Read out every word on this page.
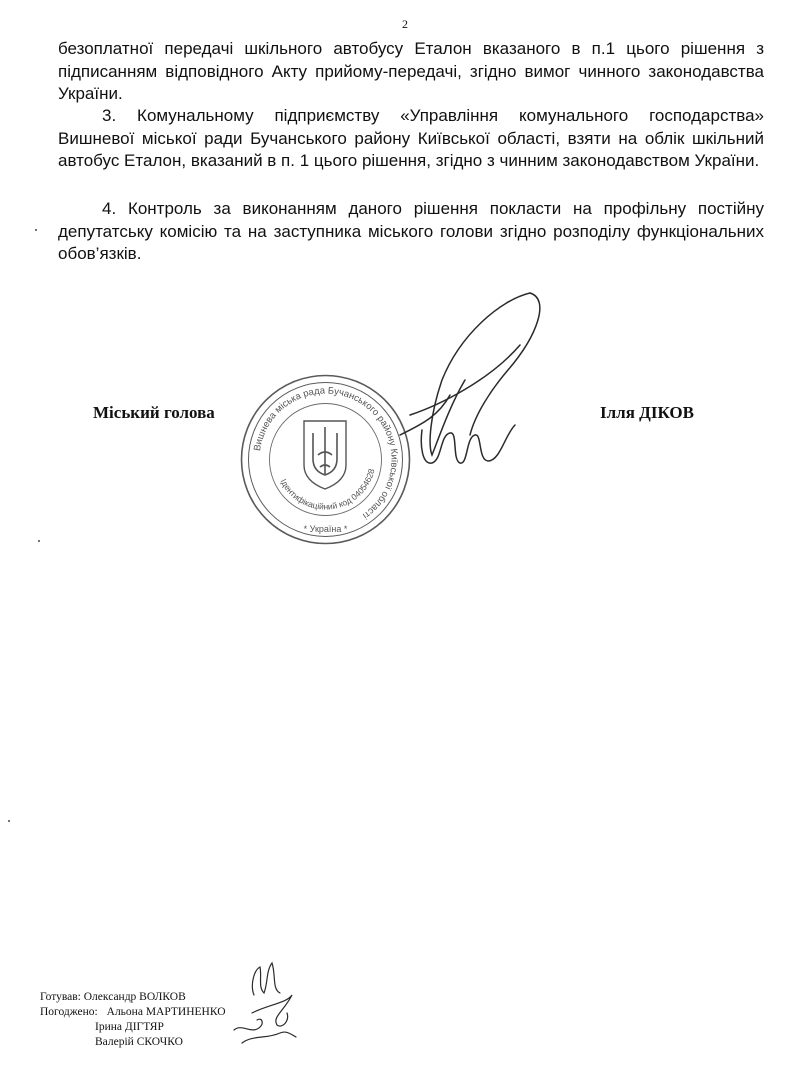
2

безоплатної передачі шкільного автобусу Еталон вказаного в п.1 цього рішення з підписанням відповідного Акту прийому-передачі, згідно вимог чинного законодавства України.

3. Комунальному підприємству «Управління комунального господарства» Вишневої міської ради Бучанського району Київської області, взяти на облік шкільний автобус Еталон, вказаний в п. 1 цього рішення, згідно з чинним законодавством України.

4. Контроль за виконанням даного рішення покласти на профільну постійну депутатську комісію та на заступника міського голови згідно розподілу функціональних обов’язків.

Міський голова	Ілля ДІКОВ
Вишнева міська рада Бучанського району Київської області
Ідентифікаційний код 04054628
* Україна *
Готував: Олександр ВОЛКОВ
Погоджено: Альона МАРТИНЕНКО
Ірина ДІГТЯР
Валерій СКОЧКО
